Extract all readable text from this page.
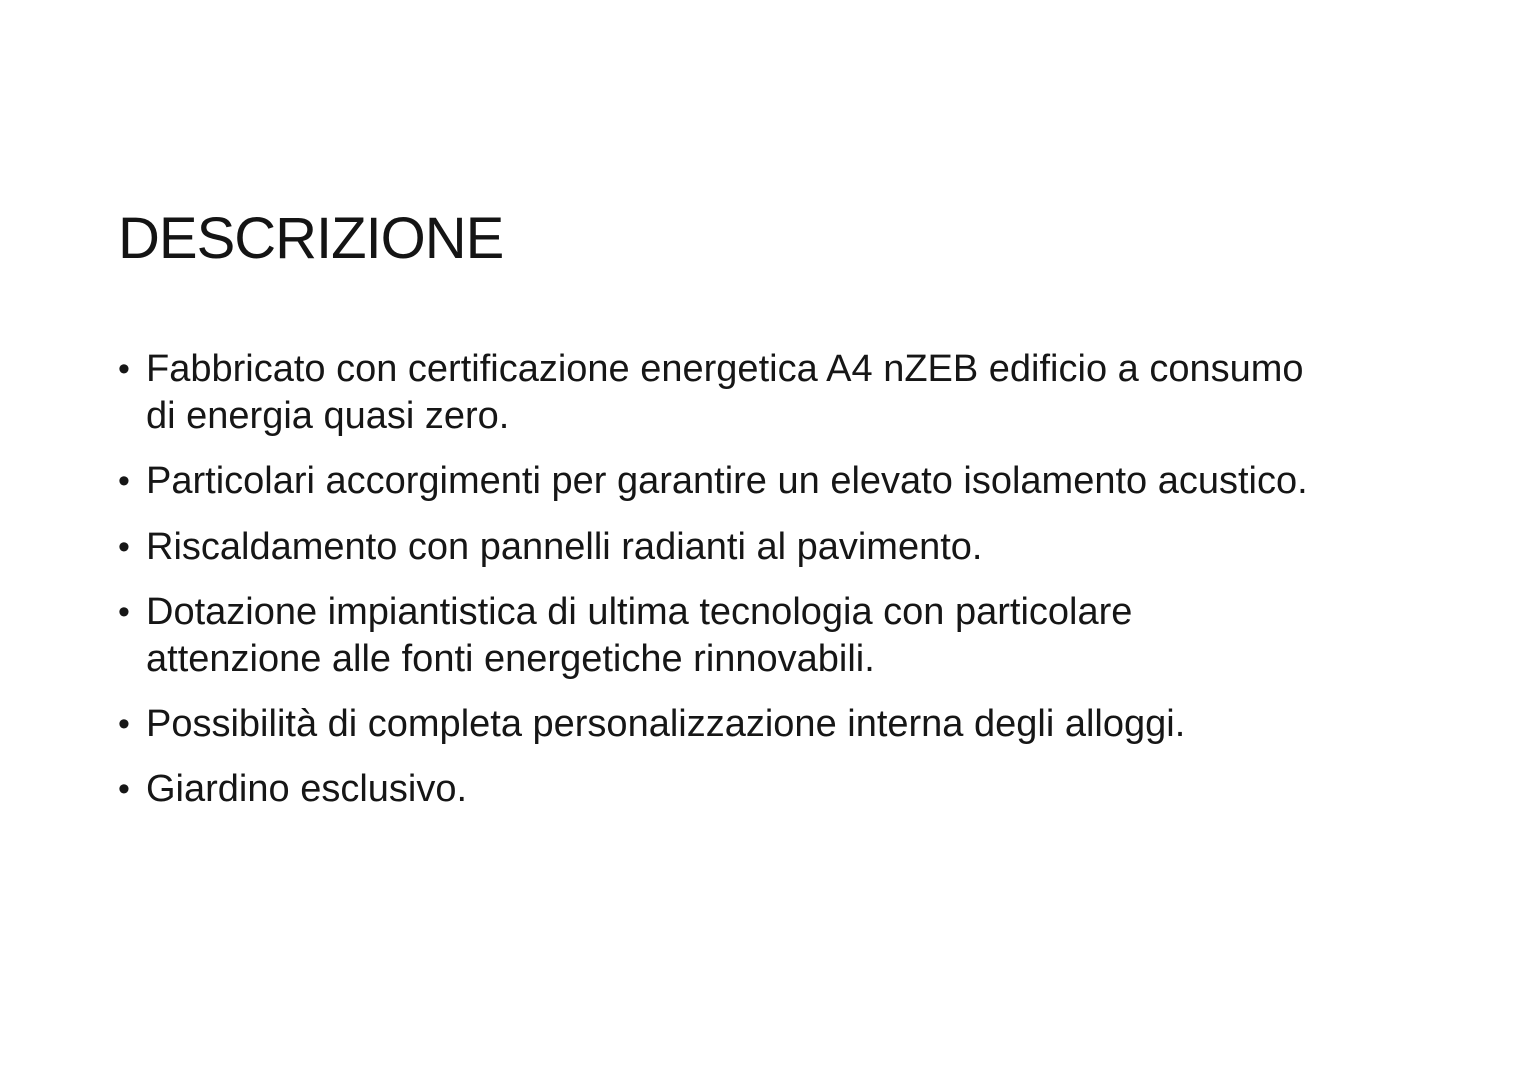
DESCRIZIONE
• Fabbricato con certificazione energetica A4 nZEB edificio a consumo
di energia quasi zero.
• Particolari accorgimenti per garantire un elevato isolamento acustico.
• Riscaldamento con pannelli radianti al pavimento.
• Dotazione impiantistica di ultima tecnologia con particolare
attenzione alle fonti energetiche rinnovabili.
• Possibilità di completa personalizzazione interna degli alloggi.
• Giardino esclusivo.
